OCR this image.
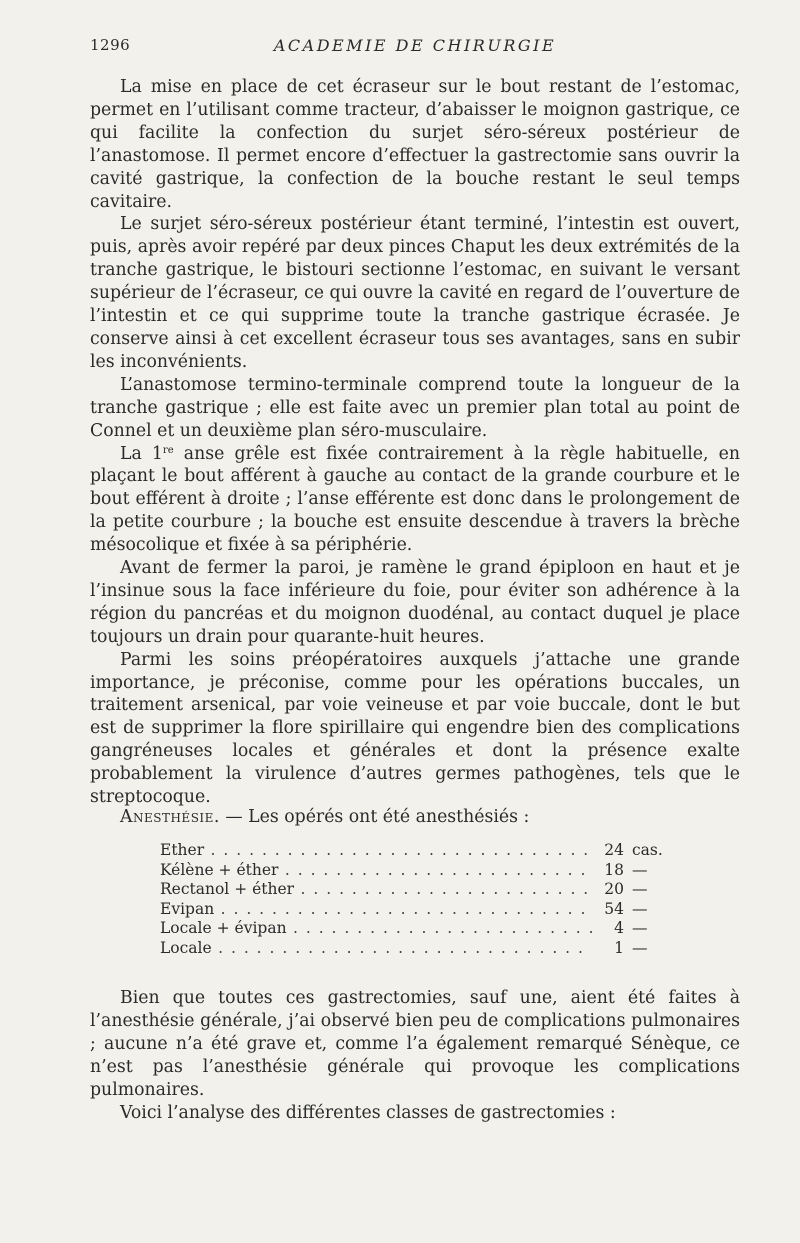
1296	ACADEMIE DE CHIRURGIE

La mise en place de cet écraseur sur le bout restant de l’estomac, permet en l’utilisant comme tracteur, d’abaisser le moignon gastrique, ce qui facilite la confection du surjet séro-séreux postérieur de l’anastomose. Il permet encore d’effectuer la gastrectomie sans ouvrir la cavité gastrique, la confection de la bouche restant le seul temps cavitaire.

Le surjet séro-séreux postérieur étant terminé, l’intestin est ouvert, puis, après avoir repéré par deux pinces Chaput les deux extrémités de la tranche gastrique, le bistouri sectionne l’estomac, en suivant le versant supérieur de l’écraseur, ce qui ouvre la cavité en regard de l’ouverture de l’intestin et ce qui supprime toute la tranche gastrique écrasée. Je conserve ainsi à cet excellent écraseur tous ses avantages, sans en subir les inconvénients.

L’anastomose termino-terminale comprend toute la longueur de la tranche gastrique ; elle est faite avec un premier plan total au point de Connel et un deuxième plan séro-musculaire.

La 1re anse grêle est fixée contrairement à la règle habituelle, en plaçant le bout afférent à gauche au contact de la grande courbure et le bout efférent à droite ; l’anse efférente est donc dans le prolongement de la petite courbure ; la bouche est ensuite descendue à travers la brèche mésocolique et fixée à sa périphérie.

Avant de fermer la paroi, je ramène le grand épiploon en haut et je l’insinue sous la face inférieure du foie, pour éviter son adhérence à la région du pancréas et du moignon duodénal, au contact duquel je place toujours un drain pour quarante-huit heures.

Parmi les soins préopératoires auxquels j’attache une grande importance, je préconise, comme pour les opérations buccales, un traitement arsenical, par voie veineuse et par voie buccale, dont le but est de supprimer la flore spirillaire qui engendre bien des complications gangréneuses locales et générales et dont la présence exalte probablement la virulence d’autres germes pathogènes, tels que le streptocoque.

Anesthésie. — Les opérés ont été anesthésiés :

Ether . . .	24 cas.
Kélène + éther . . .	18 —
Rectanol + éther . . .	20 —
Evipan . . .	54 —
Locale + évipan . . .	4 —
Locale . . .	1 —

Bien que toutes ces gastrectomies, sauf une, aient été faites à l’anesthésie générale, j’ai observé bien peu de complications pulmonaires ; aucune n’a été grave et, comme l’a également remarqué Sénèque, ce n’est pas l’anesthésie générale qui provoque les complications pulmonaires.

Voici l’analyse des différentes classes de gastrectomies :
